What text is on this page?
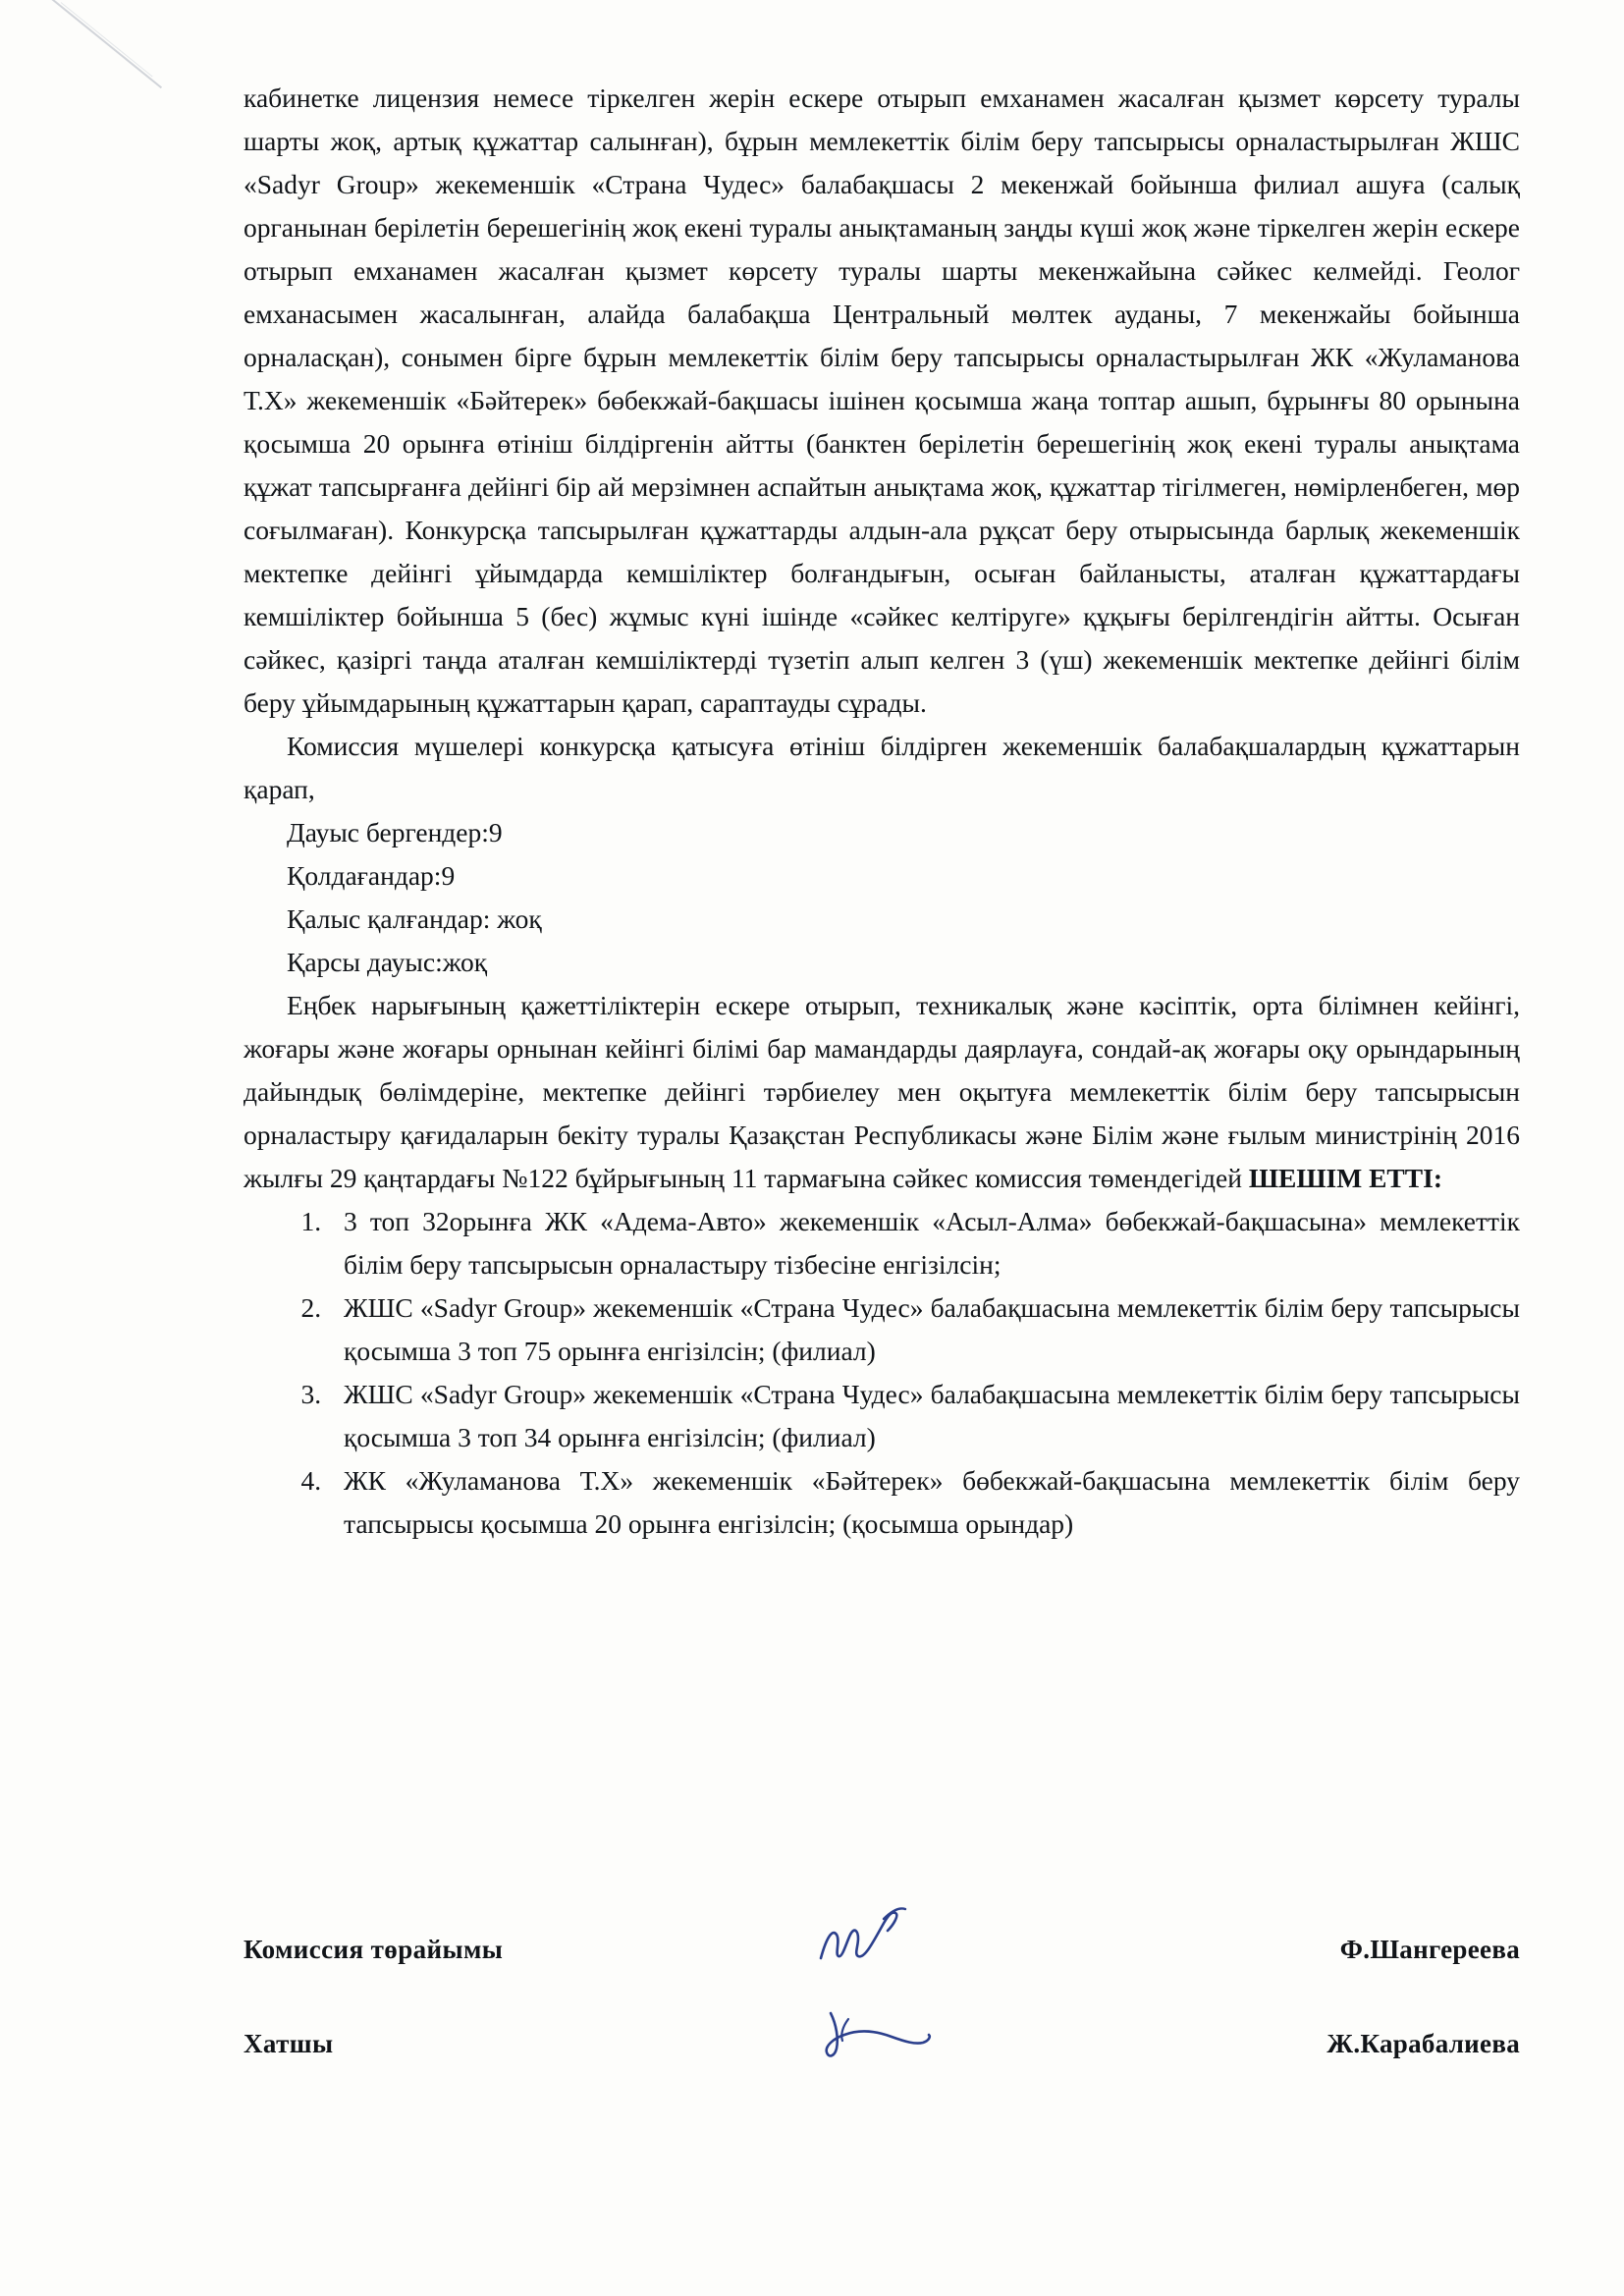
кабинетке лицензия немесе тіркелген жерін ескере отырып емханамен жасалған қызмет көрсету туралы шарты жоқ, артық құжаттар салынған), бұрын мемлекеттік білім беру тапсырысы орналастырылған ЖШС «Sadyr Group» жекеменшік «Страна Чудес» балабақшасы 2 мекенжай бойынша филиал ашуға (салық органынан берілетін берешегінің жоқ екені туралы анықтаманың заңды күші жоқ және тіркелген жерін ескере отырып емханамен жасалған қызмет көрсету туралы шарты мекенжайына сәйкес келмейді. Геолог емханасымен жасалынған, алайда балабақша Центральный мөлтек ауданы, 7 мекенжайы бойынша орналасқан), сонымен бірге бұрын мемлекеттік білім беру тапсырысы орналастырылған ЖК «Жуламанова Т.Х» жекеменшік «Бәйтерек» бөбекжай-бақшасы ішінен қосымша жаңа топтар ашып, бұрынғы 80 орынына қосымша 20 орынға өтініш білдіргенін айтты (банктен берілетін берешегінің жоқ екені туралы анықтама құжат тапсырғанға дейінгі бір ай мерзімнен аспайтын анықтама жоқ, құжаттар тігілмеген, нөмірленбеген, мөр соғылмаған). Конкурсқа тапсырылған құжаттарды алдын-ала рұқсат беру отырысында барлық жекеменшік мектепке дейінгі ұйымдарда кемшіліктер болғандығын, осыған байланысты, аталған құжаттардағы кемшіліктер бойынша 5 (бес) жұмыс күні ішінде «сәйкес келтіруге» құқығы берілгендігін айтты. Осыған сәйкес, қазіргі таңда аталған кемшіліктерді түзетіп алып келген 3 (үш) жекеменшік мектепке дейінгі білім беру ұйымдарының құжаттарын қарап, сараптауды сұрады.

Комиссия мүшелері конкурсқа қатысуға өтініш білдірген жекеменшік балабақшалардың құжаттарын қарап,

Дауыс бергендер:9

Қолдағандар:9

Қалыс қалғандар: жоқ

Қарсы дауыс:жоқ

Еңбек нарығының қажеттіліктерін ескере отырып, техникалық және кәсіптік, орта білімнен кейінгі, жоғары және жоғары орнынан кейінгі білімі бар мамандарды даярлауға, сондай-ақ жоғары оқу орындарының дайындық бөлімдеріне, мектепке дейінгі тәрбиелеу мен оқытуға мемлекеттік білім беру тапсырысын орналастыру қағидаларын бекіту туралы Қазақстан Республикасы және Білім және ғылым министрінің 2016 жылғы 29 қаңтардағы №122 бұйрығының 11 тармағына сәйкес комиссия төмендегідей ШЕШІМ ЕТТІ:

1. 3 топ 32орынға ЖК «Адема-Авто» жекеменшік «Асыл-Алма» бөбекжай-бақшасына» мемлекеттік білім беру тапсырысын орналастыру тізбесіне енгізілсін;
2. ЖШС «Sadyr Group» жекеменшік «Страна Чудес» балабақшасына мемлекеттік білім беру тапсырысы қосымша 3 топ 75 орынға енгізілсін; (филиал)
3. ЖШС «Sadyr Group» жекеменшік «Страна Чудес» балабақшасына мемлекеттік білім беру тапсырысы қосымша 3 топ 34 орынға енгізілсін; (филиал)
4. ЖК «Жуламанова Т.Х» жекеменшік «Бәйтерек» бөбекжай-бақшасына мемлекеттік білім беру тапсырысы қосымша 20 орынға енгізілсін; (қосымша орындар)
Комиссия төрайымы	Ф.Шангереева
Хатшы	Ж.Карабалиева
